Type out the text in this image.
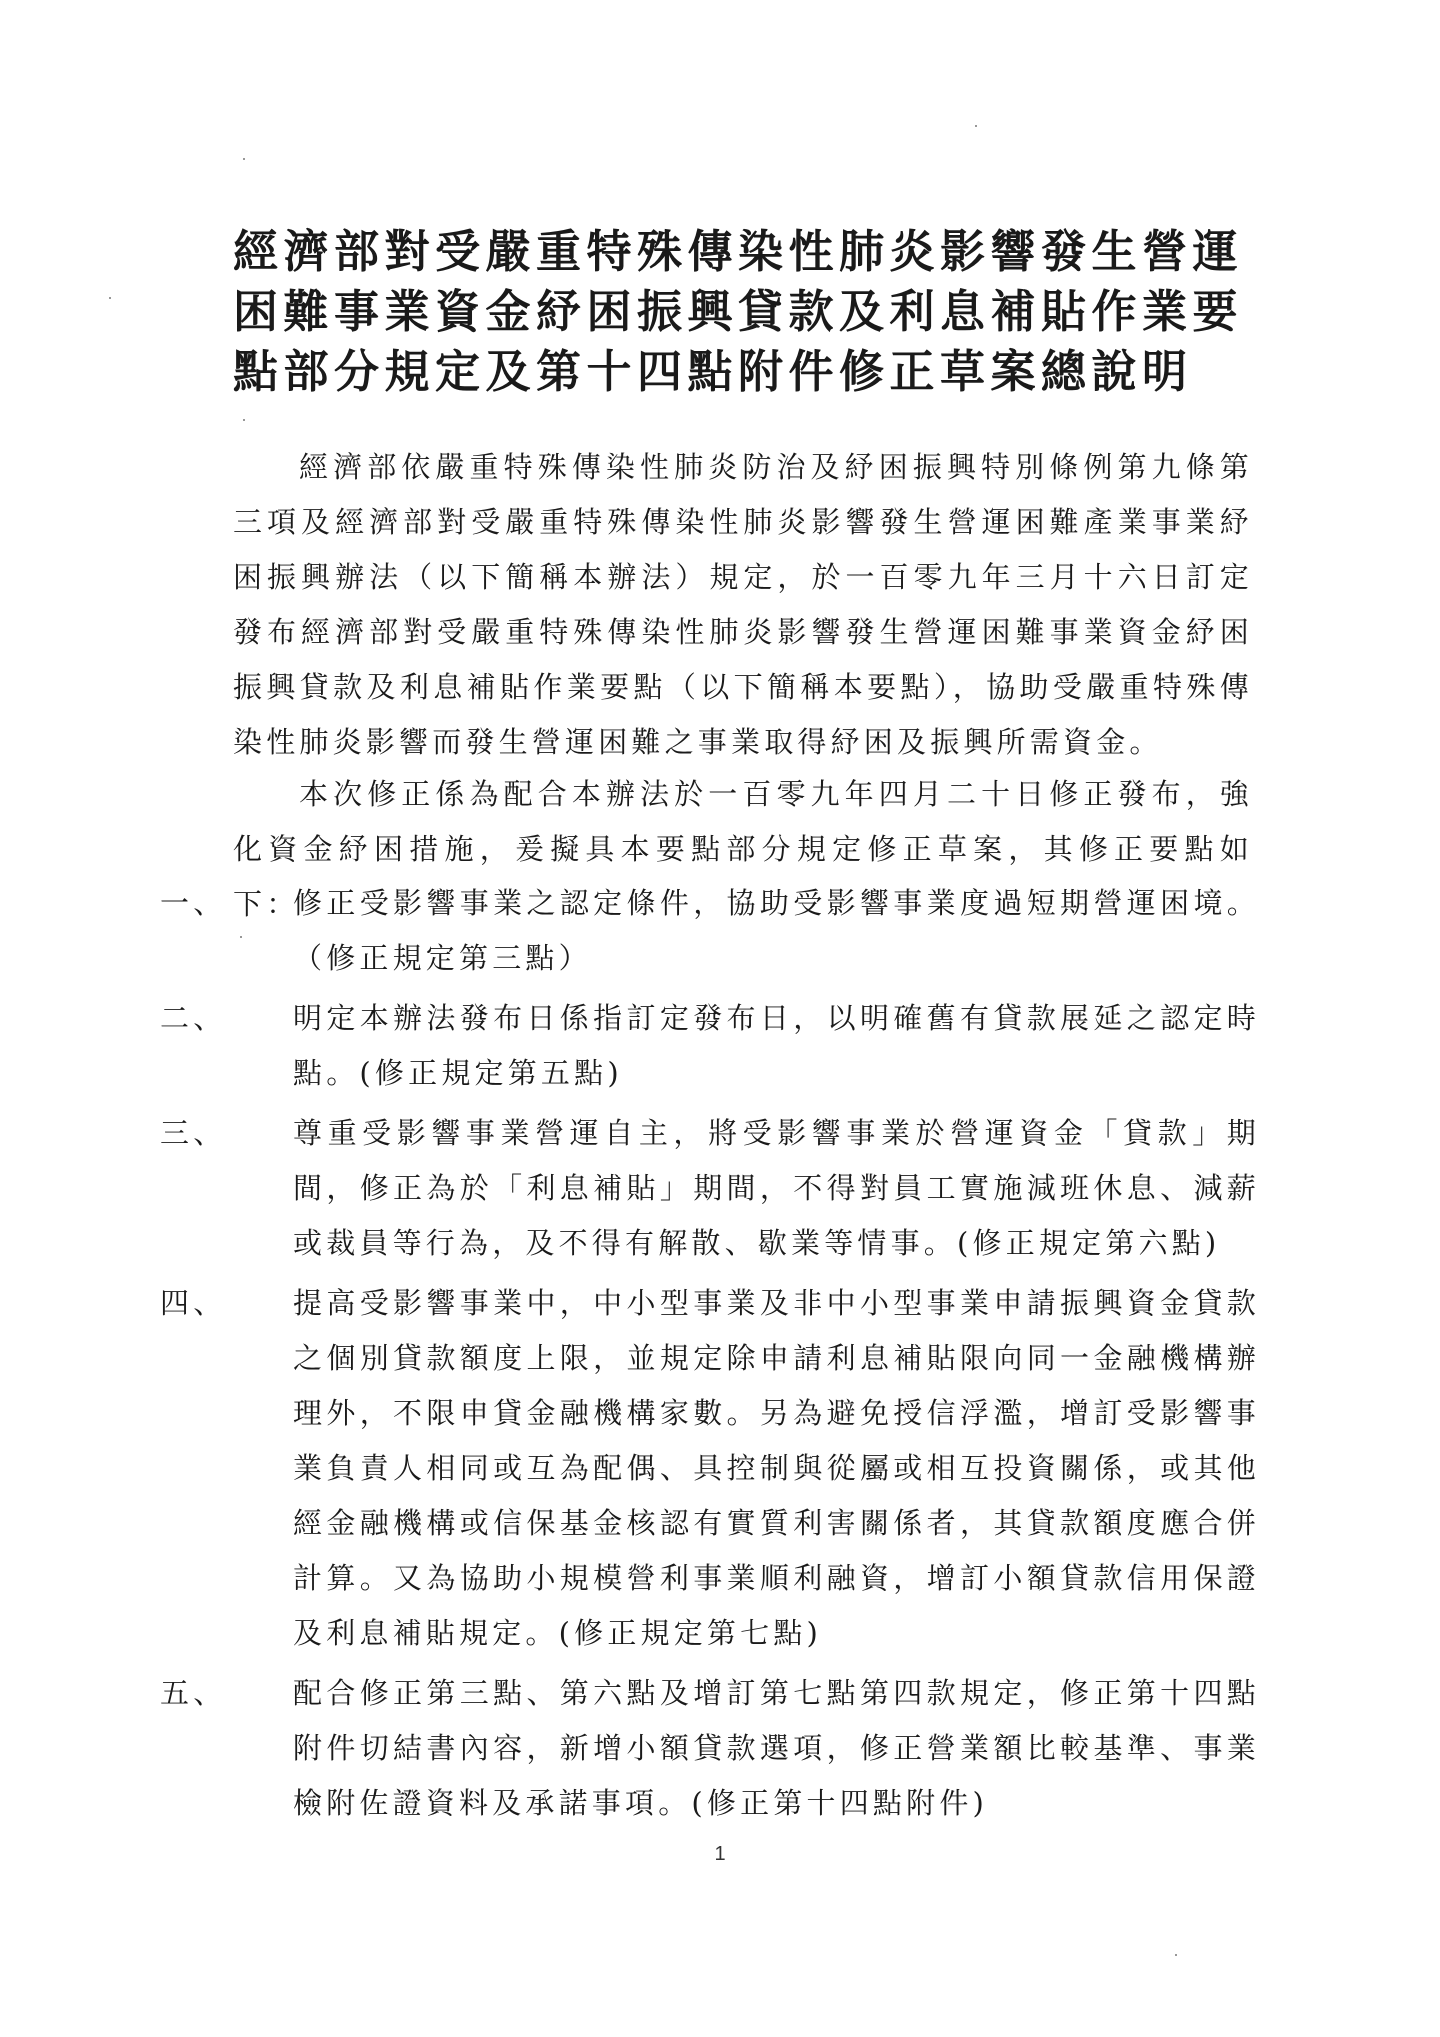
經濟部對受嚴重特殊傳染性肺炎影響發生營運困難事業資金紓困振興貸款及利息補貼作業要點部分規定及第十四點附件修正草案總說明

經濟部依嚴重特殊傳染性肺炎防治及紓困振興特別條例第九條第三項及經濟部對受嚴重特殊傳染性肺炎影響發生營運困難產業事業紓困振興辦法（以下簡稱本辦法）規定，於一百零九年三月十六日訂定發布經濟部對受嚴重特殊傳染性肺炎影響發生營運困難事業資金紓困振興貸款及利息補貼作業要點（以下簡稱本要點），協助受嚴重特殊傳染性肺炎影響而發生營運困難之事業取得紓困及振興所需資金。

本次修正係為配合本辦法於一百零九年四月二十日修正發布，強化資金紓困措施，爰擬具本要點部分規定修正草案，其修正要點如下：

一、 修正受影響事業之認定條件，協助受影響事業度過短期營運困境。（修正規定第三點）
二、 明定本辦法發布日係指訂定發布日，以明確舊有貸款展延之認定時點。(修正規定第五點)
三、 尊重受影響事業營運自主，將受影響事業於營運資金「貸款」期間，修正為於「利息補貼」期間，不得對員工實施減班休息、減薪或裁員等行為，及不得有解散、歇業等情事。(修正規定第六點)
四、 提高受影響事業中，中小型事業及非中小型事業申請振興資金貸款之個別貸款額度上限，並規定除申請利息補貼限向同一金融機構辦理外，不限申貸金融機構家數。另為避免授信浮濫，增訂受影響事業負責人相同或互為配偶、具控制與從屬或相互投資關係，或其他經金融機構或信保基金核認有實質利害關係者，其貸款額度應合併計算。又為協助小規模營利事業順利融資，增訂小額貸款信用保證及利息補貼規定。(修正規定第七點)
五、 配合修正第三點、第六點及增訂第七點第四款規定，修正第十四點附件切結書內容，新增小額貸款選項，修正營業額比較基準、事業檢附佐證資料及承諾事項。(修正第十四點附件)
1
